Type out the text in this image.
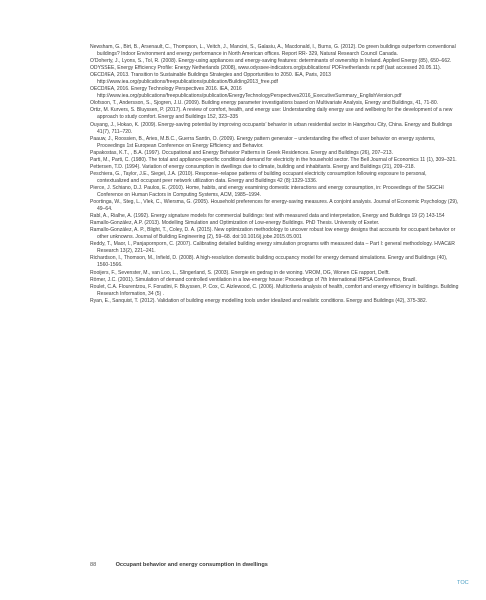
Newsham, G., Birt, B., Arsenault, C., Thompson, L., Veitch, J., Mancini, S., Galasiu, A., Macdonald, I., Burns, G. (2012). Do green buildings outperform conventional buildings? Indoor Environment and energy performance in North American offices. Report RR- 329, Natural Research Council Canada.

O'Doherty, J., Lyons, S., Tol, R. (2008). Energy-using appliances and energy-saving features: determinants of ownership in Ireland. Applied Energy (85), 650–662.

ODYSSEE, Energy Efficiency Profile: Energy Netherlands (2008), www.odyssee-indicators.org/publications/ PDF/netherlands nr.pdf (last accessed 20.05.11).

OECD/IEA, 2013. Transition to Sustainable Buildings Strategies and Opportunities to 2050. IEA, Paris, 2013 http://www.iea.org/publications/freepublications/publication/Building2013_free.pdf

OECD/IEA, 2016. Energy Technology Perspectives 2016. IEA, 2016 http://www.iea.org/publications/freepublications/publication/EnergyTechnologyPerspectives2016_ExecutiveSummary_EnglishVersion.pdf

Olofsson, T., Andersson, S., Sjogren, J.U. (2009). Building energy parameter investigations based on Multivariate Analysis, Energy and Buildings, 41, 71-80.

Ortiz, M. Kurvers, S. Bluyssen, P. (2017). A review of comfort, health, and energy use: Understanding daily energy use and wellbeing for the development of a new approach to study comfort. Energy and Buildings 152, 323–335

Ouyang, J., Hokao, K. (2009). Energy-saving potential by improving occupants’ behavior in urban residential sector in Hangzhou City, China. Energy and Buildings 41(7), 711–720.

Paauw, J., Roossien, B., Aries, M.B.C., Guerra Santin, O. (2009). Energy pattern generator – understanding the effect of user behavior on energy systems, Proceedings 1st European Conference on Energy Efficiency and Behavior.

Papakostas, K.T., , B.A. (1997). Occupational and Energy Behavior Patterns in Greek Residences. Energy and Buildings (26), 207–213.

Parti, M., Parti, C. (1980). The total and appliance-specific conditional demand for electricity in the household sector. The Bell Journal of Economics 11 (1), 309–321.

Pettersen, T.D. (1994). Variation of energy consumption in dwellings due to climate, building and inhabitants. Energy and Buildings (21), 209–218.

Peschiera, G., Taylor, J.E., Siegel, J.A. (2010). Response–relapse patterns of building occupant electricity consumption following exposure to personal, contextualized and occupant peer network utilization data. Energy and Buildings 42 (8):1329-1336.

Pierce, J. Schiano, D.J. Paulos, E. (2010). Home, habits, and energy examining domestic interactions and energy consumption, in: Proceedings of the SIGCHI Conference on Human Factors in Computing Systems, ACM, 1985–1994.

Poortinga, W., Steg, L., Vlek, C., Wiersma, G. (2005). Household preferences for energy-saving measures. A conjoint analysis. Journal of Economic Psychology (29), 49–64.

Rabl, A., Rialhe, A. (1992). Energy signature models for commercial buildings: test with measured data and interpretation, Energy and Buildings 19 (2) 143-154

Ramallo-González, A.P. (2013). Modelling Simulation and Optimization of Low-energy Buildings. PhD Thesis. University of Exeter.

Ramallo-González, A. P., Blight, T., Coley, D. A. (2015). New optimization methodology to uncover robust low energy designs that accounts for occupant behavior or other unknowns. Journal of Building Engineering (2), 59–68. doi:10.1016/j.jobe.2015.05.001

Reddy, T., Maor, I., Panjapornporn, C. (2007). Calibrating detailed building energy simulation programs with measured data – Part I: general methodology. HVAC&R Research 13(2), 221–241.

Richardson, I., Thomson, M., Infield, D. (2008). A high-resolution domestic building occupancy model for energy demand simulations. Energy and Buildings (40), 1560-1566.

Rooijers, F., Sevenster, M., van Loo, L., Slingerland, S. (2003). Energie en gedrag in de woning. VROM, DG, Wonen CE rapport, Delft.

Römer, J.C. (2001). Simulation of demand controlled ventilation in a low-energy house: Proceedings of 7th International IBPSA Conference, Brazil.

Roulet, C.A. Flourentzou, F. Foradini, F. Bluyssen, P. Cox, C. Aizlewood, C. (2006). Multicriteria analysis of health, comfort and energy efficiency in buildings. Building Research Information, 34 (5) .

Ryan, E., Sanquist, T. (2012). Validation of building energy modelling tools under idealized and realistic conditions. Energy and Buildings (42), 375-382.

88	Occupant behavior and energy consumption in dwellings
TOC
